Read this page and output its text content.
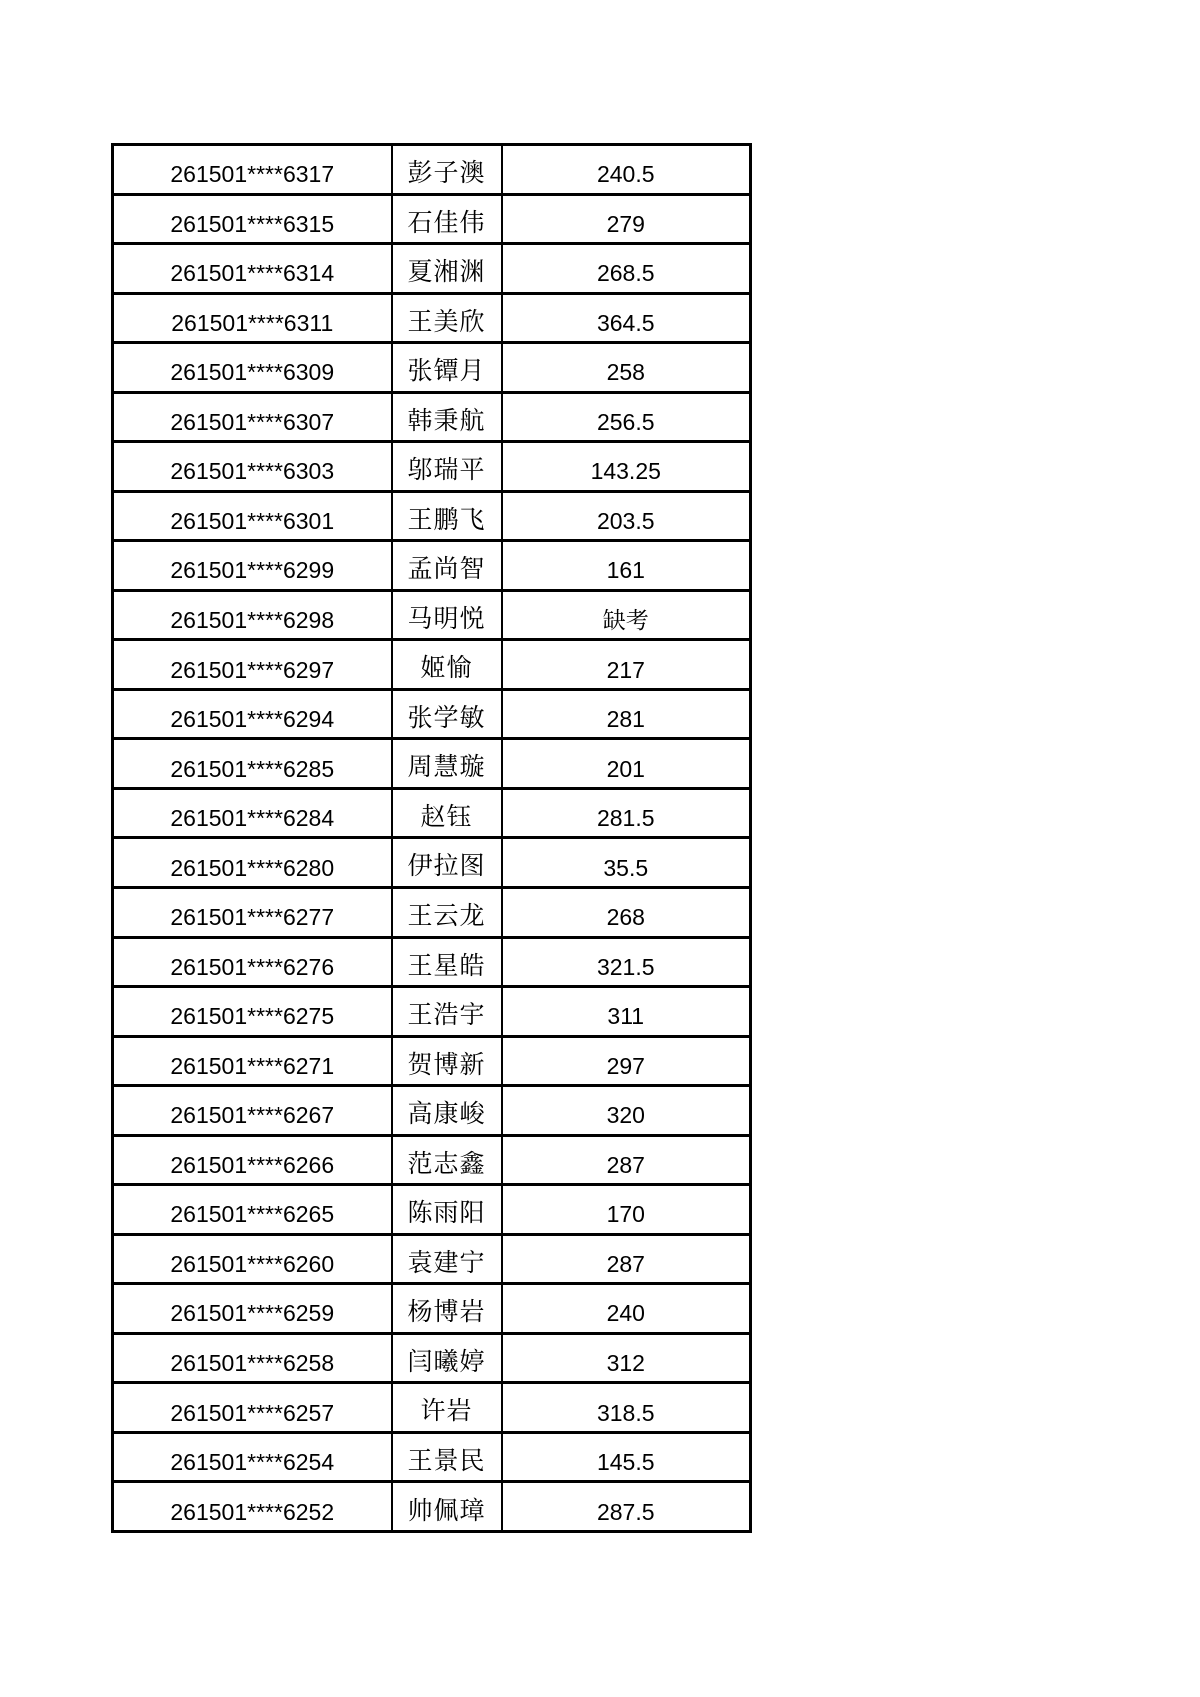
261501****6317	彭子澳	240.5
261501****6315	石佳伟	279
261501****6314	夏湘渊	268.5
261501****6311	王美欣	364.5
261501****6309	张镡月	258
261501****6307	韩秉航	256.5
261501****6303	邬瑞平	143.25
261501****6301	王鹏飞	203.5
261501****6299	孟尚智	161
261501****6298	马明悦	缺考
261501****6297	姬愉	217
261501****6294	张学敏	281
261501****6285	周慧璇	201
261501****6284	赵钰	281.5
261501****6280	伊拉图	35.5
261501****6277	王云龙	268
261501****6276	王星皓	321.5
261501****6275	王浩宇	311
261501****6271	贺博新	297
261501****6267	高康峻	320
261501****6266	范志鑫	287
261501****6265	陈雨阳	170
261501****6260	袁建宁	287
261501****6259	杨博岩	240
261501****6258	闫曦婷	312
261501****6257	许岩	318.5
261501****6254	王景民	145.5
261501****6252	帅佩璋	287.5
